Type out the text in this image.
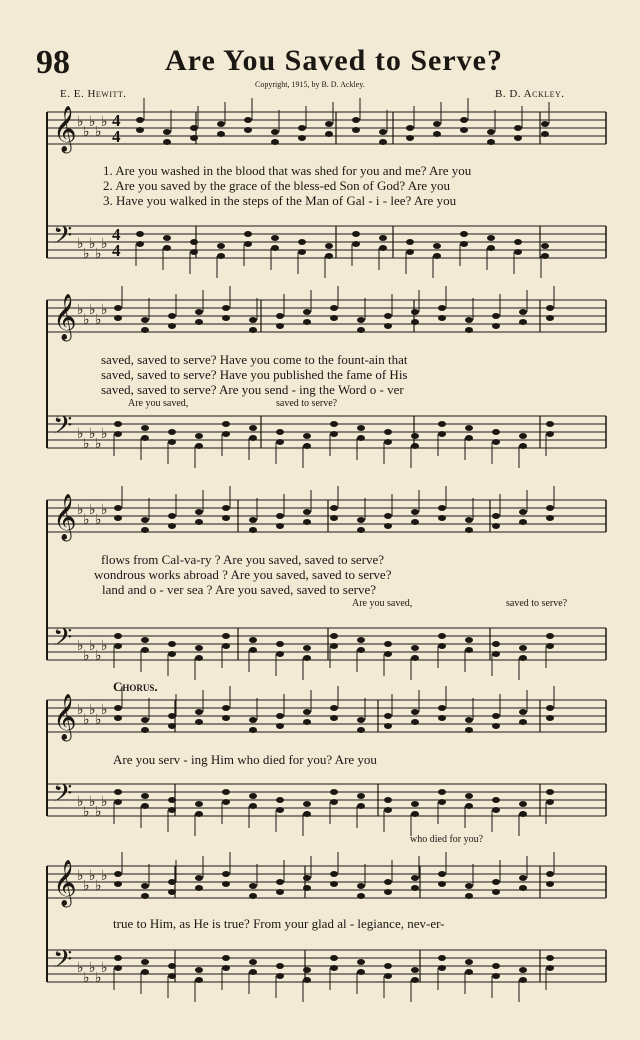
98	Are You Saved to Serve?
Copyright, 1915, by B. D. Ackley.
E. E. Hewitt.	B. D. Ackley.
𝄞
𝄢
♭
♭
♭
♭
♭
♭
♭
♭
♭
♭
4
4
4
4
𝄞
𝄢
♭
♭
♭
♭
♭
♭
♭
♭
♭
♭
𝄞
𝄢
♭
♭
♭
♭
♭
♭
♭
♭
♭
♭
𝄞
𝄢
♭
♭
♭
♭
♭
♭
♭
♭
♭
♭
𝄞
𝄢
♭
♭
♭
♭
♭
♭
♭
♭
♭
♭
1. Are you washed in the blood that was shed for you and me? Are you
2. Are you saved by the grace of the bless-ed Son of God? Are you
3. Have you walked in the steps of the Man of Gal - i - lee? Are you
saved, saved to serve? Have you come to the fount-ain that
saved, saved to serve? Have you published the fame of His
saved, saved to serve? Are you send - ing the Word o - ver
Are you saved,	saved to serve?
flows from Cal-va-ry ? Are you saved, saved to serve?
wondrous works abroad ? Are you saved, saved to serve?
land and o - ver sea ? Are you saved, saved to serve?
Are you saved,	saved to serve?
Chorus.
Are you serv - ing Him who died for you? Are you
who died for you?
true to Him, as He is true? From your glad al - legiance, nev-er-
